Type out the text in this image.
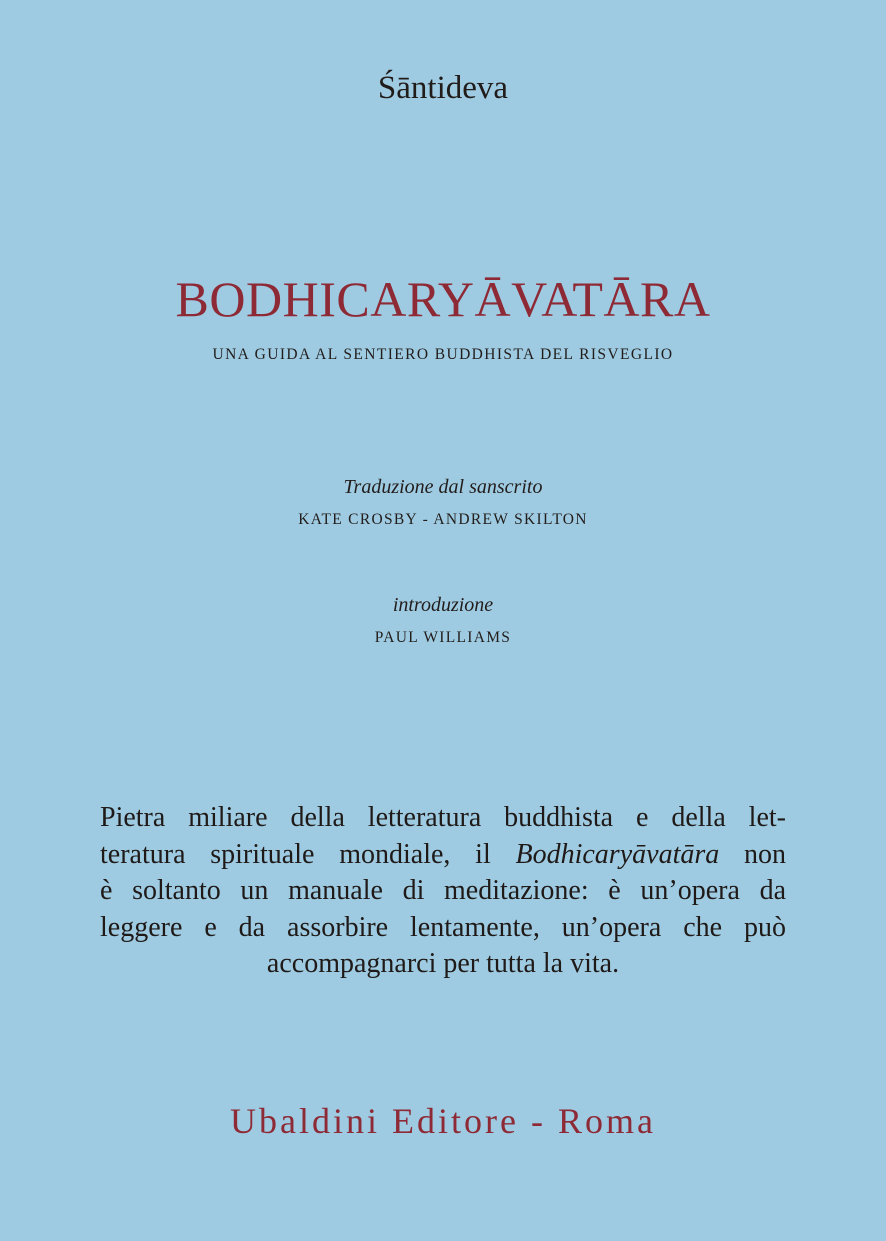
Śāntideva
BODHICARYĀVATĀRA
UNA GUIDA AL SENTIERO BUDDHISTA DEL RISVEGLIO
Traduzione dal sanscrito
KATE CROSBY - ANDREW SKILTON
introduzione
PAUL WILLIAMS

Pietra miliare della letteratura buddhista e della let-

teratura spirituale mondiale, il Bodhicaryāvatāra non

è soltanto un manuale di meditazione: è un’opera da

leggere e da assorbire lentamente, un’opera che può

accompagnarci per tutta la vita.

Ubaldini Editore - Roma
